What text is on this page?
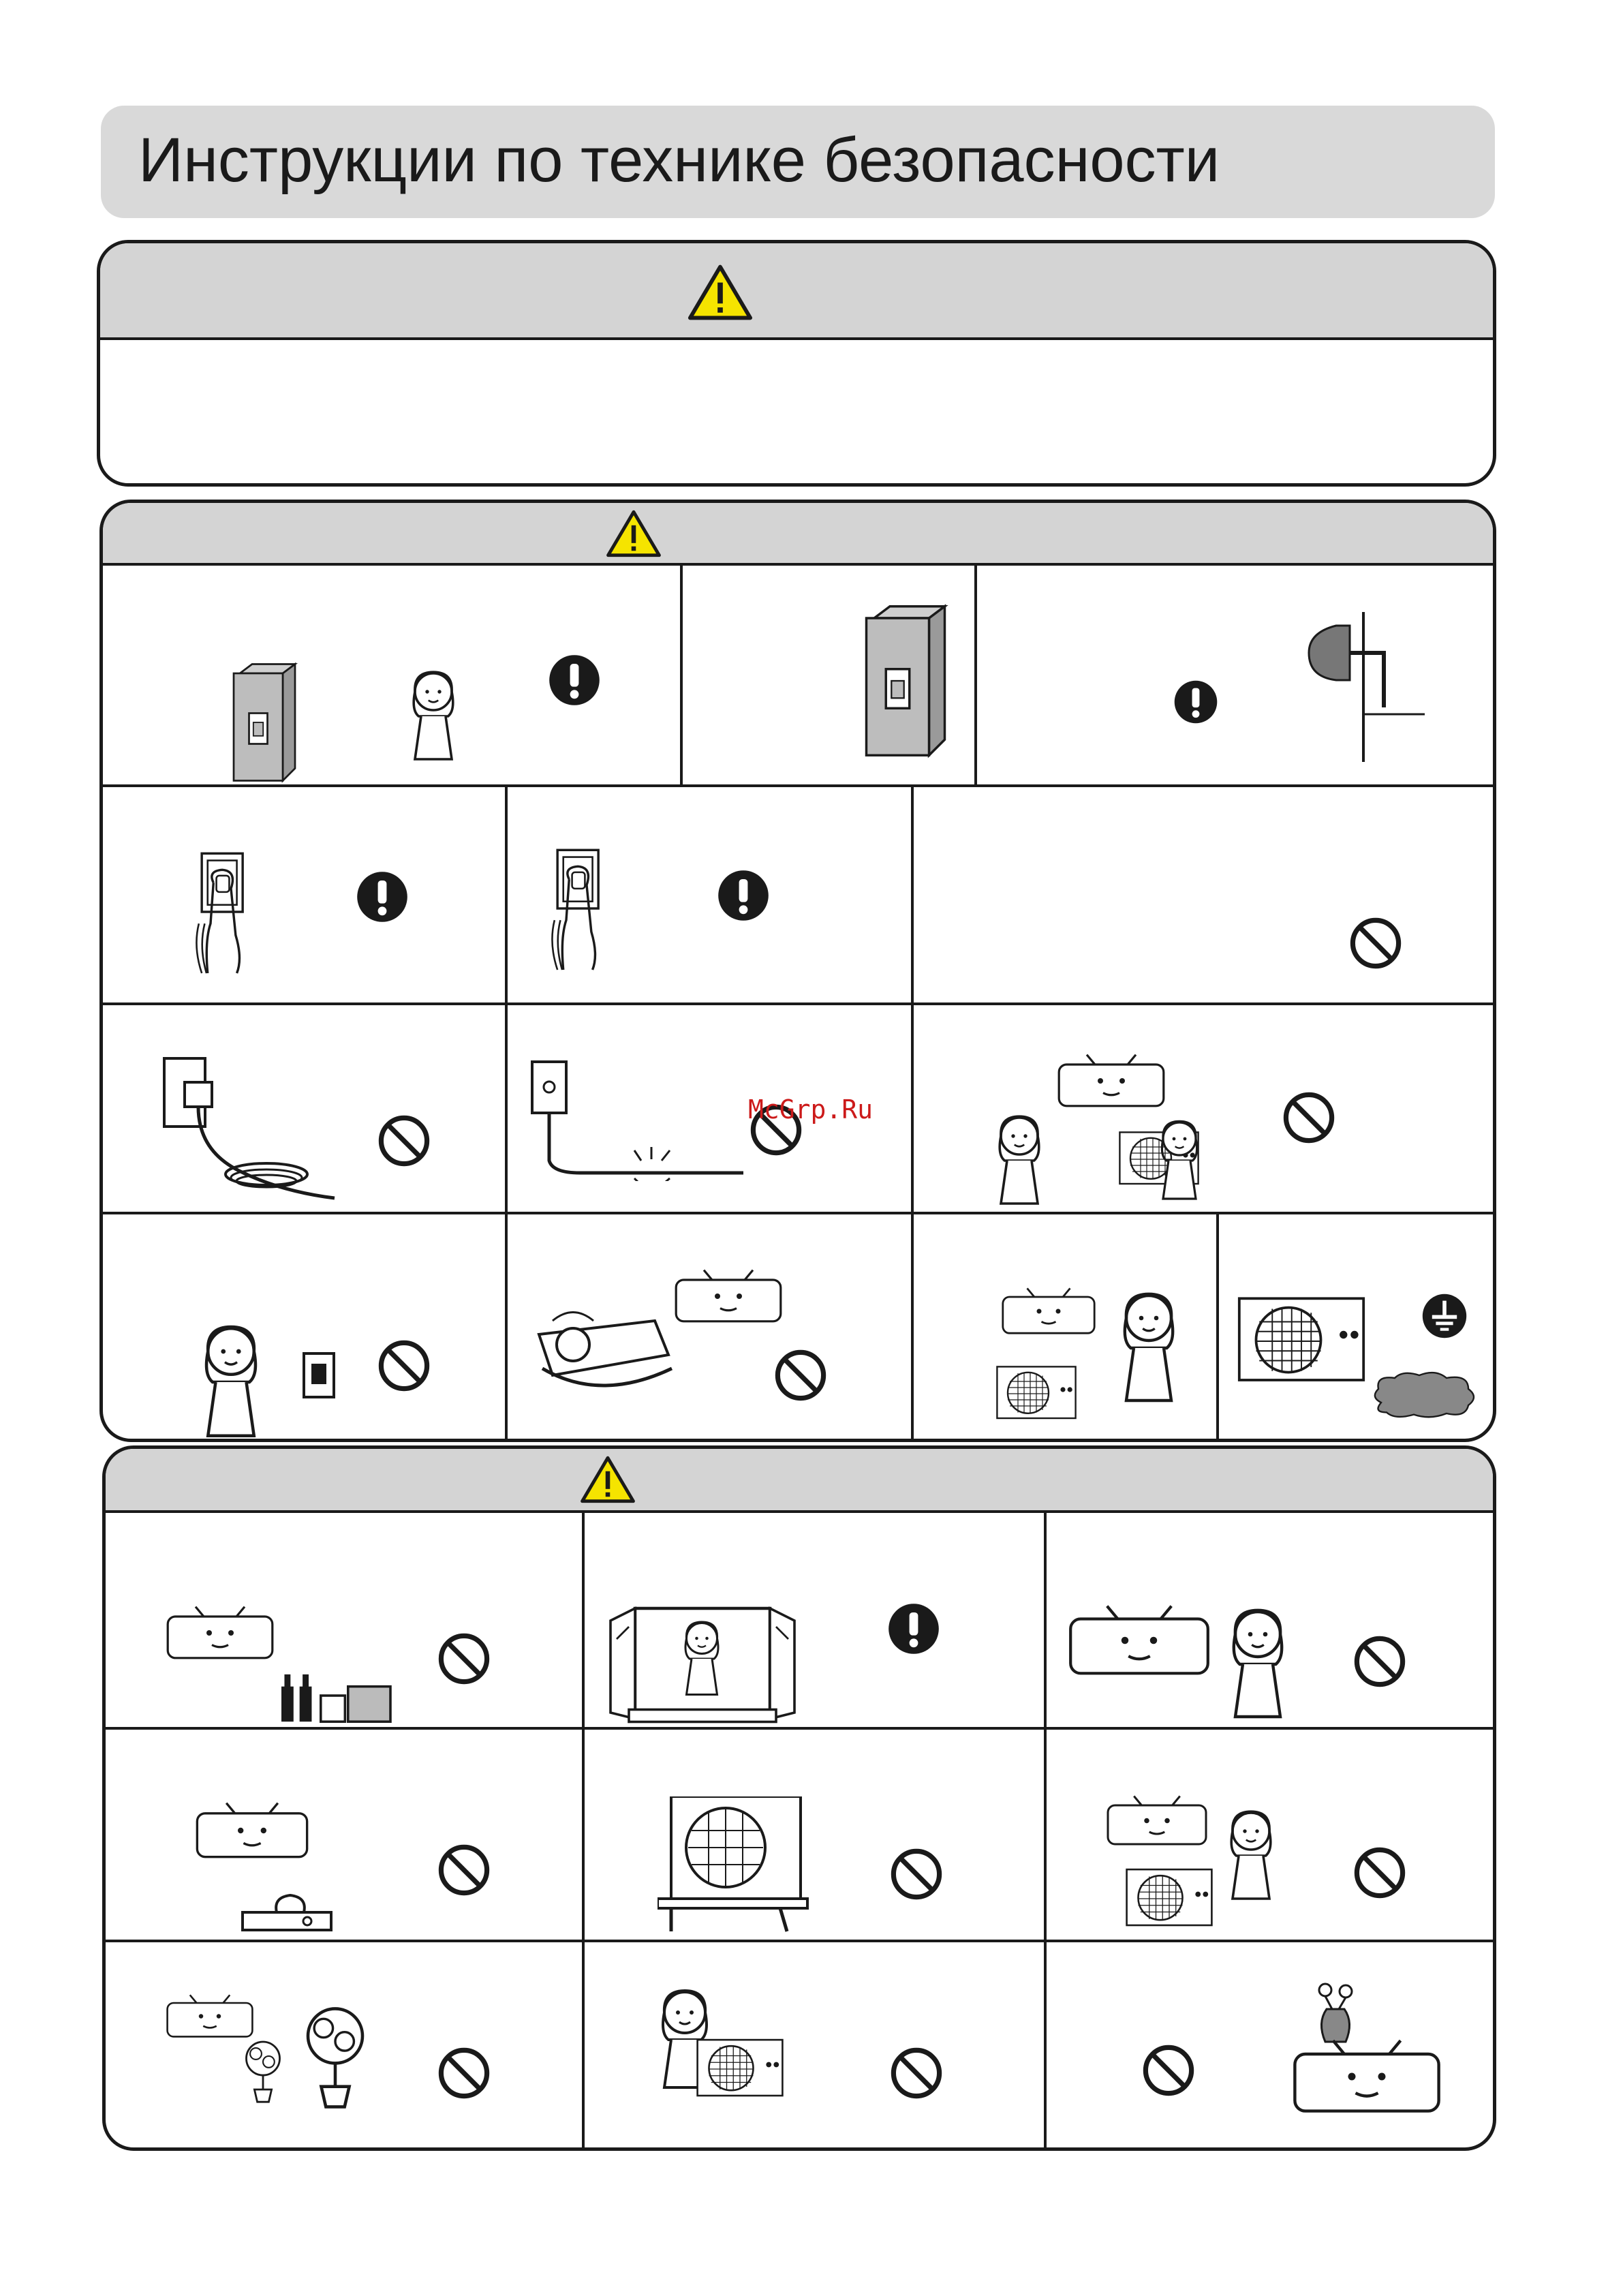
Инструкции по технике безопасности
McGrp.Ru
